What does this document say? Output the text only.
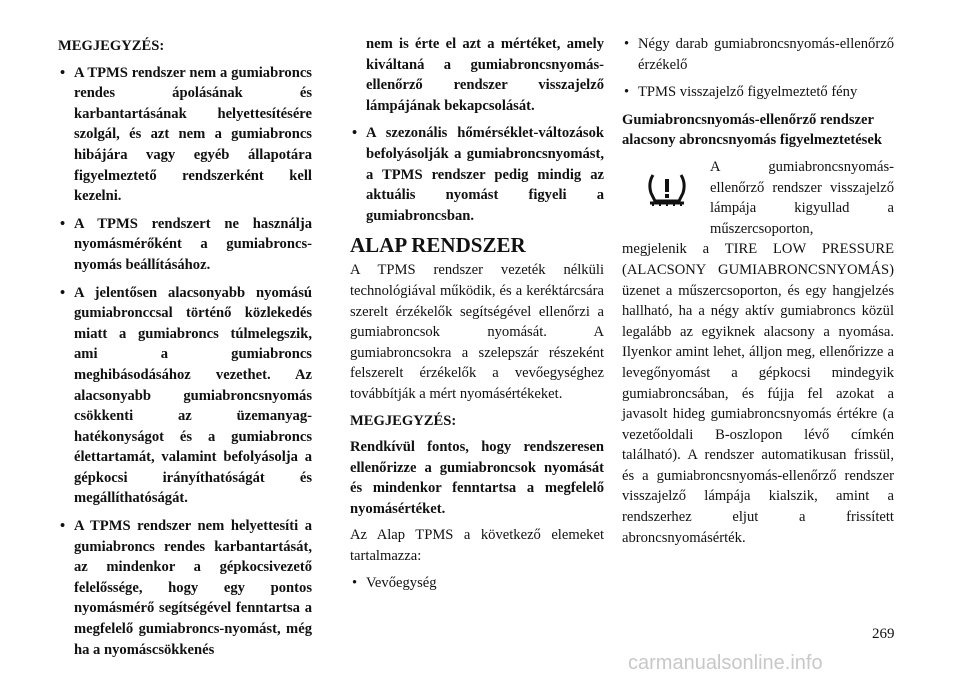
MEGJEGYZÉS:
• A TPMS rendszer nem a gumiabroncs rendes ápolásának és karbantartásának helyettesítésére szolgál, és azt nem a gumiabroncs hibájára vagy egyéb állapotára figyelmeztető rendszerként kell kezelni.
• A TPMS rendszert ne használja nyomásmérőként a gumiabroncs-nyomás beállításához.
• A jelentősen alacsonyabb nyomású gumiabronccsal történő közlekedés miatt a gumiabroncs túlmelegszik, ami a gumiabroncs meghibásodásához vezethet. Az alacsonyabb gumiabroncsnyomás csökkenti az üzemanyag-hatékonyságot és a gumiabroncs élettartamát, valamint befolyásolja a gépkocsi irányíthatóságát és megállíthatóságát.
• A TPMS rendszer nem helyettesíti a gumiabroncs rendes karbantartását, az mindenkor a gépkocsivezető felelőssége, hogy egy pontos nyomásmérő segítségével fenntartsa a megfelelő gumiabroncs-nyomást, még ha a nyomáscsökkenés
nem is érte el azt a mértéket, amely kiváltaná a gumiabroncsnyomás-ellenőrző rendszer visszajelző lámpájának bekapcsolását.
• A szezonális hőmérséklet-változások befolyásolják a gumiabroncsnyomást, a TPMS rendszer pedig mindig az aktuális nyomást figyeli a gumiabroncsban.
ALAP RENDSZER

A TPMS rendszer vezeték nélküli technológiával működik, és a keréktárcsára szerelt érzékelők segítségével ellenőrzi a gumiabroncsok nyomását. A gumiabroncsokra a szelepszár részeként felszerelt érzékelők a vevőegységhez továbbítják a mért nyomásértékeket.

MEGJEGYZÉS:

Rendkívül fontos, hogy rendszeresen ellenőrizze a gumiabroncsok nyomását és mindenkor fenntartsa a megfelelő nyomásértéket.

Az Alap TPMS a következő elemeket tartalmazza:

• Vevőegység
• Négy darab gumiabroncsnyomás-ellenőrző érzékelő
• TPMS visszajelző figyelmeztető fény

Gumiabroncsnyomás-ellenőrző rendszer alacsony abroncsnyomás figyelmeztetések

A gumiabroncsnyomás-ellenőrző rendszer visszajelző lámpája kigyullad a műszercsoporton,

megjelenik a TIRE LOW PRESSURE (ALACSONY GUMIABRONCSNYOMÁS) üzenet a műszercsoporton, és egy hangjelzés hallható, ha a négy aktív gumiabroncs közül legalább az egyiknek alacsony a nyomása. Ilyenkor amint lehet, álljon meg, ellenőrizze a levegőnyomást a gépkocsi mindegyik gumiabroncsában, és fújja fel azokat a javasolt hideg gumiabroncsnyomás értékre (a vezetőoldali B-oszlopon lévő címkén található). A rendszer automatikusan frissül, és a gumiabroncsnyomás-ellenőrző rendszer visszajelző lámpája kialszik, amint a rendszerhez eljut a frissített abroncsnyomásérték.

269
carmanualsonline.info
